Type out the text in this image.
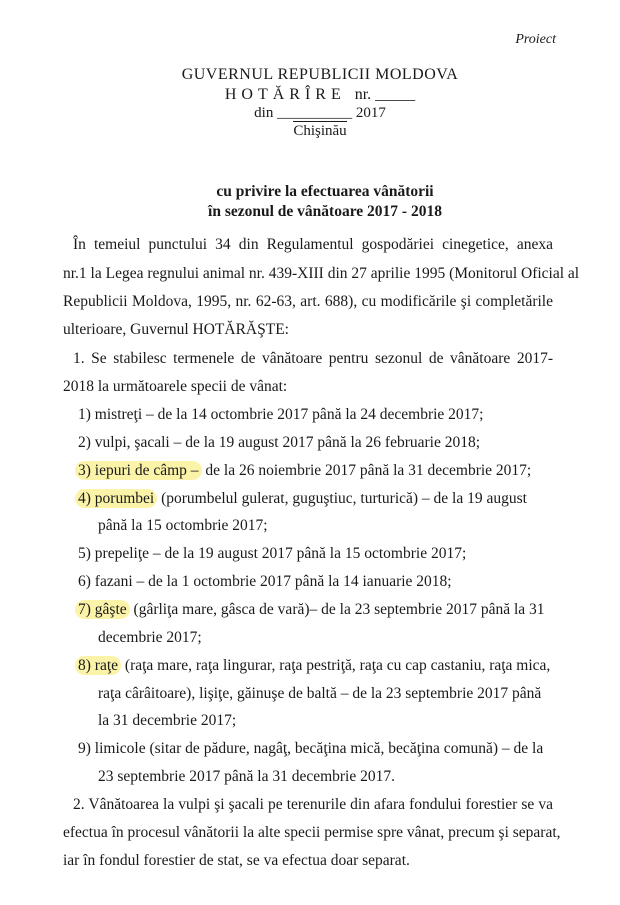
Proiect
GUVERNUL REPUBLICII MOLDOVA
HOTĂRÎRE nr. _____
din __________ 2017
Chişinău
cu privire la efectuarea vânătorii
în sezonul de vânătoare 2017 - 2018
În temeiul punctului 34 din Regulamentul gospodăriei cinegetice, anexa
nr.1 la Legea regnului animal nr. 439-XIII din 27 aprilie 1995 (Monitorul Oficial al
Republicii Moldova, 1995, nr. 62-63, art. 688), cu modificările şi completările
ulterioare, Guvernul HOTĂRĂŞTE:
1. Se stabilesc termenele de vânătoare pentru sezonul de vânătoare 2017-
2018 la următoarele specii de vânat:
1) mistreţi – de la 14 octombrie 2017 până la 24 decembrie 2017;
2) vulpi, şacali – de la 19 august 2017 până la 26 februarie 2018;
3) iepuri de câmp – de la 26 noiembrie 2017 până la 31 decembrie 2017;
4) porumbei (porumbelul gulerat, guguştiuc, turturică) – de la 19 august
până la 15 octombrie 2017;
5) prepeliţe – de la 19 august 2017 până la 15 octombrie 2017;
6) fazani – de la 1 octombrie 2017 până la 14 ianuarie 2018;
7) gâşte (gârliţa mare, gâsca de vară)– de la 23 septembrie 2017 până la 31
decembrie 2017;
8) raţe (raţa mare, raţa lingurar, raţa pestriţă, raţa cu cap castaniu, raţa mica,
raţa cârâitoare), lişiţe, găinuşe de baltă – de la 23 septembrie 2017 până
la 31 decembrie 2017;
9) limicole (sitar de pădure, nagâţ, becăţina mică, becăţina comună) – de la
23 septembrie 2017 până la 31 decembrie 2017.
2. Vânătoarea la vulpi şi şacali pe terenurile din afara fondului forestier se va
efectua în procesul vânătorii la alte specii permise spre vânat, precum şi separat,
iar în fondul forestier de stat, se va efectua doar separat.
